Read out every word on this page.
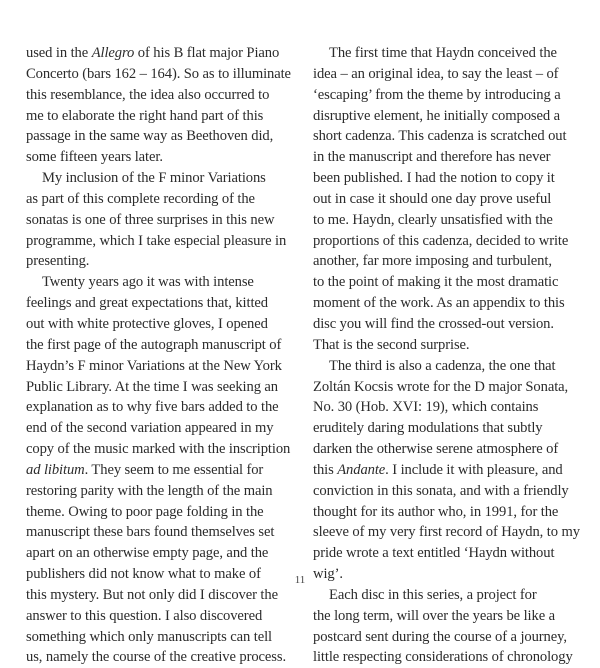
used in the Allegro of his B flat major Piano
Concerto (bars 162 – 164). So as to illuminate
this resemblance, the idea also occurred to
me to elaborate the right hand part of this
passage in the same way as Beethoven did,
some fifteen years later.
My inclusion of the F minor Variations
as part of this complete recording of the
sonatas is one of three surprises in this new
programme, which I take especial pleasure in
presenting.
Twenty years ago it was with intense
feelings and great expectations that, kitted
out with white protective gloves, I opened
the first page of the autograph manuscript of
Haydn’s F minor Variations at the New York
Public Library. At the time I was seeking an
explanation as to why five bars added to the
end of the second variation appeared in my
copy of the music marked with the inscription
ad libitum. They seem to me essential for
restoring parity with the length of the main
theme. Owing to poor page folding in the
manuscript these bars found themselves set
apart on an otherwise empty page, and the
publishers did not know what to make of
this mystery. But not only did I discover the
answer to this question. I also discovered
something which only manuscripts can tell
us, namely the course of the creative process.
The first time that Haydn conceived the
idea – an original idea, to say the least – of
‘escaping’ from the theme by introducing a
disruptive element, he initially composed a
short cadenza. This cadenza is scratched out
in the manuscript and therefore has never
been published. I had the notion to copy it
out in case it should one day prove useful
to me. Haydn, clearly unsatisfied with the
proportions of this cadenza, decided to write
another, far more imposing and turbulent,
to the point of making it the most dramatic
moment of the work. As an appendix to this
disc you will find the crossed-out version.
That is the second surprise.
The third is also a cadenza, the one that
Zoltán Kocsis wrote for the D major Sonata,
No. 30 (Hob. XVI: 19), which contains
eruditely daring modulations that subtly
darken the otherwise serene atmosphere of
this Andante. I include it with pleasure, and
conviction in this sonata, and with a friendly
thought for its author who, in 1991, for the
sleeve of my very first record of Haydn, to my
pride wrote a text entitled ‘Haydn without
wig’.
Each disc in this series, a project for
the long term, will over the years be like a
postcard sent during the course of a journey,
little respecting considerations of chronology
11
